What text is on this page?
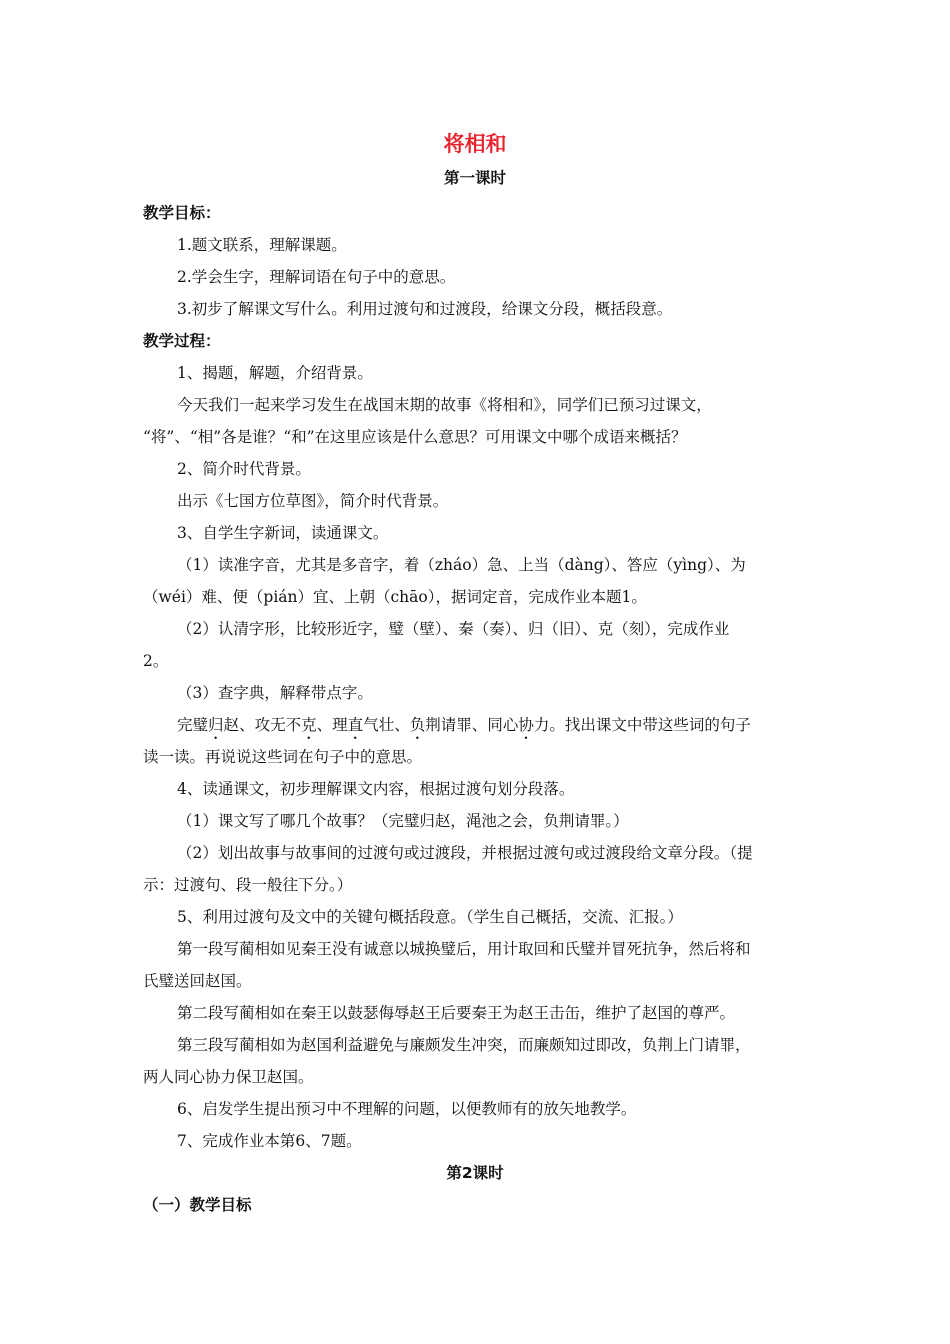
将相和
第一课时
教学目标：
1.题文联系，理解课题。
2.学会生字，理解词语在句子中的意思。
3.初步了解课文写什么。利用过渡句和过渡段，给课文分段，概括段意。
教学过程：
1、揭题，解题，介绍背景。
今天我们一起来学习发生在战国末期的故事《将相和》，同学们已预习过课文，
“将”、“相”各是谁？“和”在这里应该是什么意思？可用课文中哪个成语来概括？
2、简介时代背景。
出示《七国方位草图》，简介时代背景。
3、自学生字新词，读通课文。
（1）读准字音，尤其是多音字，着（zháo）急、上当（dàng）、答应（yìng）、为
（wéi）难、便（pián）宜、上朝（chāo），据词定音，完成作业本题1。
（2）认清字形，比较形近字，璧（壁）、秦（奏）、归（旧）、克（刻），完成作业
2。
（3）查字典，解释带点字。
完璧归赵、攻无不克、理直气壮、负荆请罪、同心协力。找出课文中带这些词的句子
读一读。再说说这些词在句子中的意思。
4、读通课文，初步理解课文内容，根据过渡句划分段落。
（1）课文写了哪几个故事？（完璧归赵，渑池之会，负荆请罪。）
（2）划出故事与故事间的过渡句或过渡段，并根据过渡句或过渡段给文章分段。（提
示：过渡句、段一般往下分。）
5、利用过渡句及文中的关键句概括段意。（学生自己概括，交流、汇报。）
第一段写蔺相如见秦王没有诚意以城换璧后，用计取回和氏璧并冒死抗争，然后将和
氏璧送回赵国。
第二段写蔺相如在秦王以鼓瑟侮辱赵王后要秦王为赵王击缶，维护了赵国的尊严。
第三段写蔺相如为赵国利益避免与廉颇发生冲突，而廉颇知过即改，负荆上门请罪，
两人同心协力保卫赵国。
6、启发学生提出预习中不理解的问题，以便教师有的放矢地教学。
7、完成作业本第6、7题。
第2课时
（一）教学目标
